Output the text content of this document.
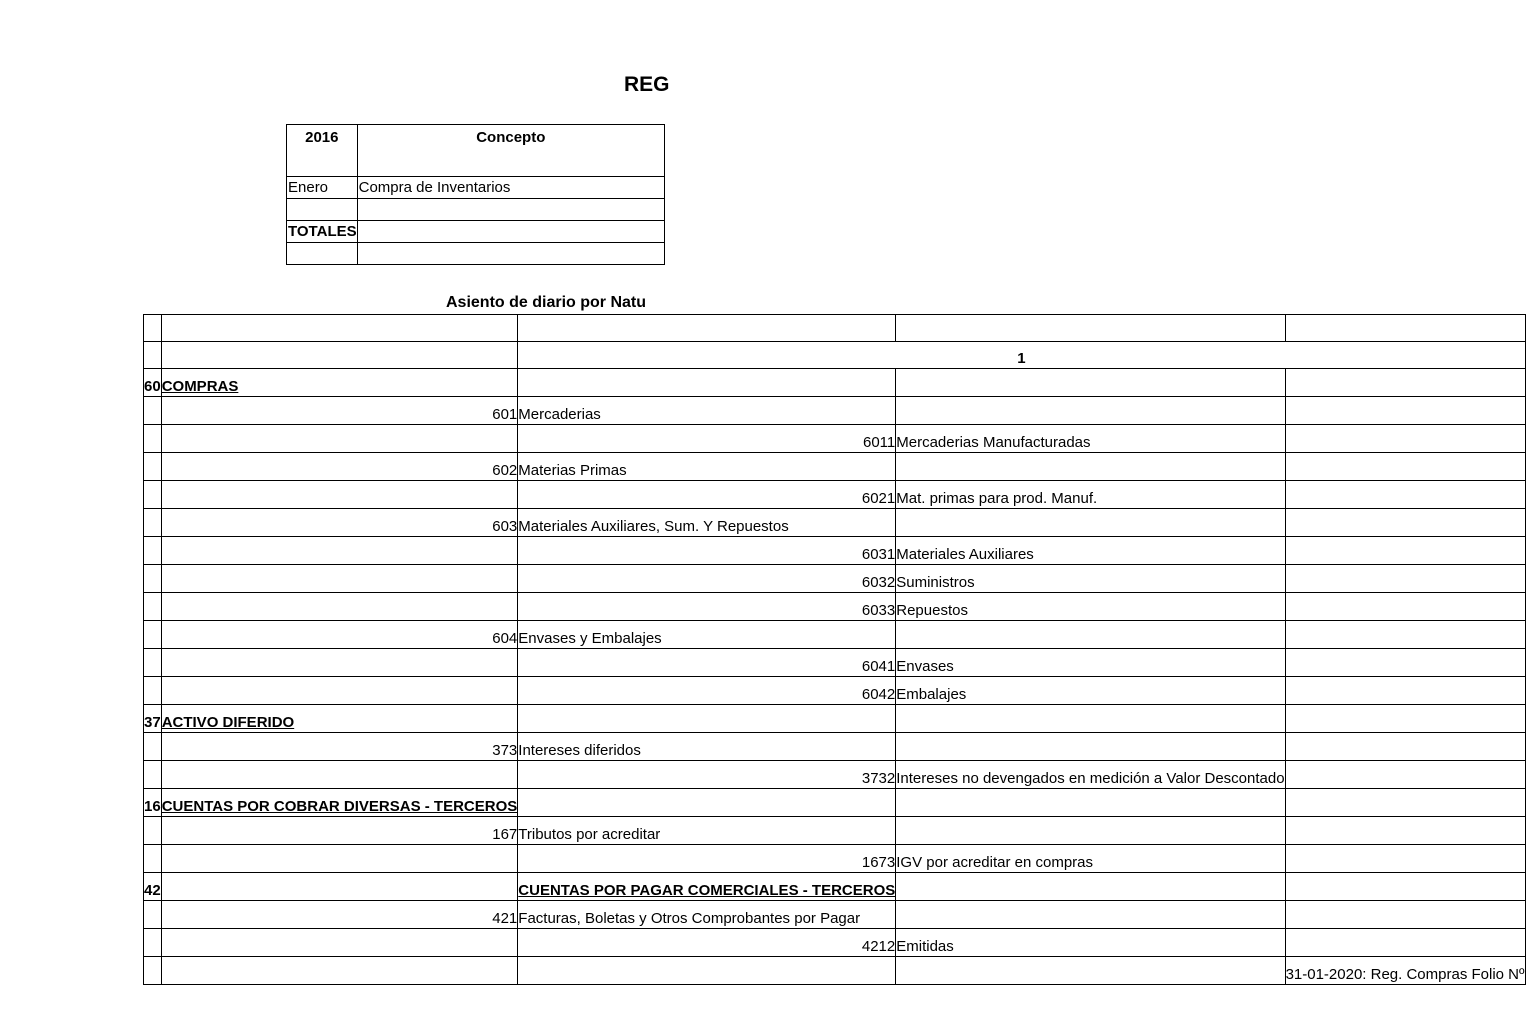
REG
2016	Concepto
Enero	Compra de Inventarios

TOTALES	

Asiento de diario por Natu

		1		
60	COMPRAS			
	601	Mercaderias		
		6011	Mercaderias Manufacturadas	
	602	Materias Primas		
		6021	Mat. primas para prod. Manuf.	
	603	Materiales Auxiliares, Sum. Y Repuestos		
		6031	Materiales Auxiliares	
		6032	Suministros	
		6033	Repuestos	
	604	Envases y Embalajes		
		6041	Envases	
		6042	Embalajes	
37	ACTIVO DIFERIDO			
	373	Intereses diferidos		
		3732	Intereses no devengados en medición a Valor Descontado	
16	CUENTAS POR COBRAR DIVERSAS - TERCEROS			
	167	Tributos por acreditar		
		1673	IGV por acreditar en compras	
42		CUENTAS POR PAGAR COMERCIALES - TERCEROS		
	421	Facturas, Boletas y Otros Comprobantes por Pagar		
		4212	Emitidas	
				31-01-2020: Reg. Compras Folio Nº
